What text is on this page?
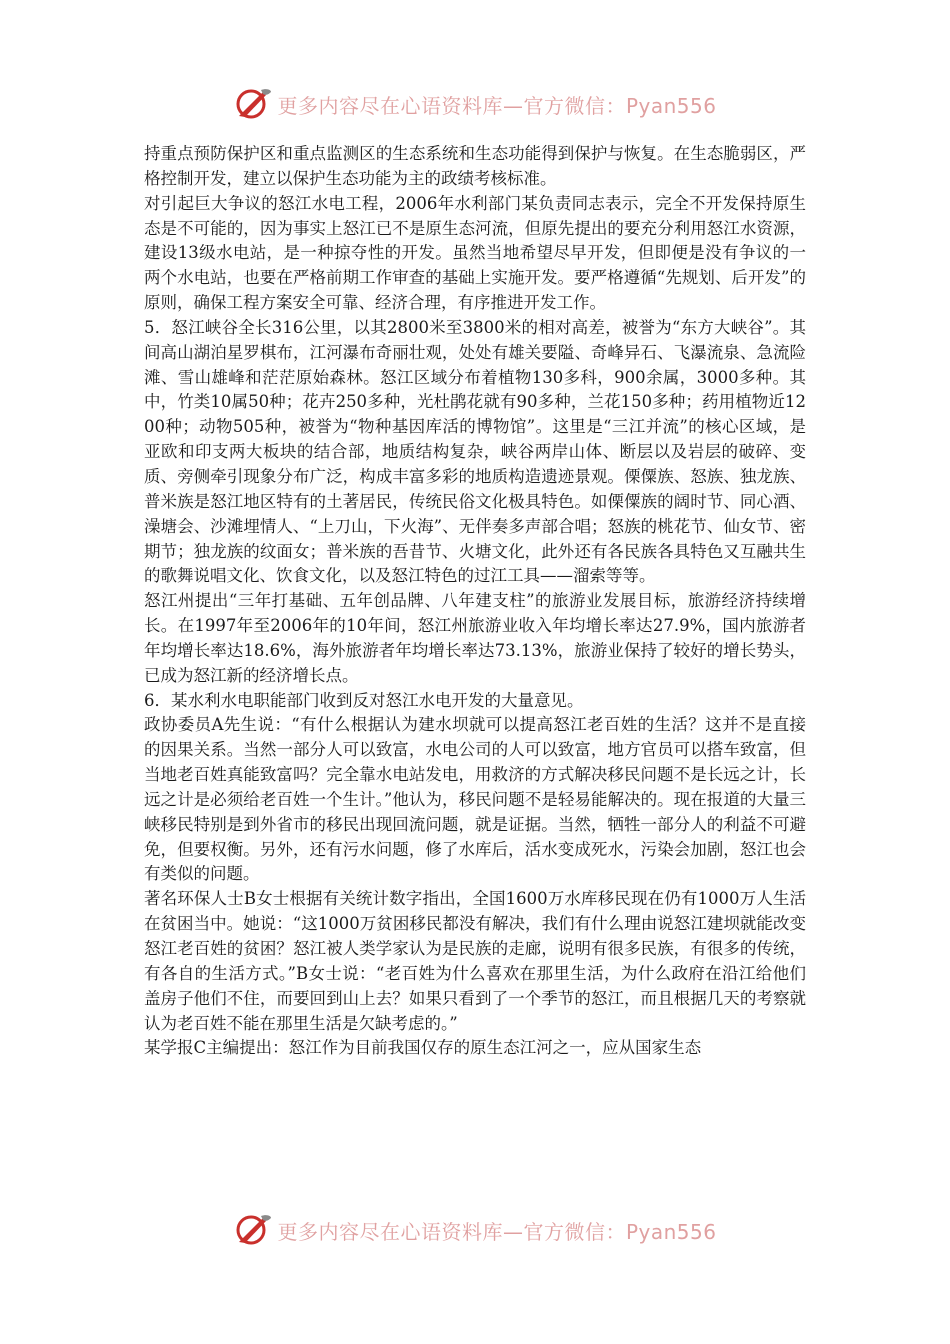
更多内容尽在心语资料库—官方微信：Pyan556

持重点预防保护区和重点监测区的生态系统和生态功能得到保护与恢复。在生态脆弱区，严格控制开发，建立以保护生态功能为主的政绩考核标准。

对引起巨大争议的怒江水电工程，2006年水利部门某负责同志表示，完全不开发保持原生态是不可能的，因为事实上怒江已不是原生态河流，但原先提出的要充分利用怒江水资源，建设13级水电站，是一种掠夺性的开发。虽然当地希望尽早开发，但即便是没有争议的一两个水电站，也要在严格前期工作审查的基础上实施开发。要严格遵循“先规划、后开发”的原则，确保工程方案安全可靠、经济合理，有序推进开发工作。

5．怒江峡谷全长316公里，以其2800米至3800米的相对高差，被誉为“东方大峡谷”。其间高山湖泊星罗棋布，江河瀑布奇丽壮观，处处有雄关要隘、奇峰异石、飞瀑流泉、急流险滩、雪山雄峰和茫茫原始森林。怒江区域分布着植物130多科，900余属，3000多种。其中，竹类10属50种；花卉250多种，光杜鹃花就有90多种，兰花150多种；药用植物近1200种；动物505种，被誉为“物种基因库活的博物馆”。这里是“三江并流”的核心区域，是亚欧和印支两大板块的结合部，地质结构复杂，峡谷两岸山体、断层以及岩层的破碎、变质、旁侧牵引现象分布广泛，构成丰富多彩的地质构造遗迹景观。傈僳族、怒族、独龙族、普米族是怒江地区特有的土著居民，传统民俗文化极具特色。如傈僳族的阔时节、同心酒、澡塘会、沙滩埋情人、“上刀山，下火海”、无伴奏多声部合唱；怒族的桃花节、仙女节、密期节；独龙族的纹面女；普米族的吾昔节、火塘文化，此外还有各民族各具特色又互融共生的歌舞说唱文化、饮食文化，以及怒江特色的过江工具——溜索等等。

怒江州提出“三年打基础、五年创品牌、八年建支柱”的旅游业发展目标，旅游经济持续增长。在1997年至2006年的10年间，怒江州旅游业收入年均增长率达27.9%，国内旅游者年均增长率达18.6%，海外旅游者年均增长率达73.13%，旅游业保持了较好的增长势头，已成为怒江新的经济增长点。

6．某水利水电职能部门收到反对怒江水电开发的大量意见。

政协委员A先生说：“有什么根据认为建水坝就可以提高怒江老百姓的生活？这并不是直接的因果关系。当然一部分人可以致富，水电公司的人可以致富，地方官员可以搭车致富，但当地老百姓真能致富吗？完全靠水电站发电，用救济的方式解决移民问题不是长远之计，长远之计是必须给老百姓一个生计。”他认为，移民问题不是轻易能解决的。现在报道的大量三峡移民特别是到外省市的移民出现回流问题，就是证据。当然，牺牲一部分人的利益不可避免，但要权衡。另外，还有污水问题，修了水库后，活水变成死水，污染会加剧，怒江也会有类似的问题。

著名环保人士B女士根据有关统计数字指出，全国1600万水库移民现在仍有1000万人生活在贫困当中。她说：“这1000万贫困移民都没有解决，我们有什么理由说怒江建坝就能改变怒江老百姓的贫困？怒江被人类学家认为是民族的走廊，说明有很多民族，有很多的传统，有各自的生活方式。”B女士说：“老百姓为什么喜欢在那里生活，为什么政府在沿江给他们盖房子他们不住，而要回到山上去？如果只看到了一个季节的怒江，而且根据几天的考察就认为老百姓不能在那里生活是欠缺考虑的。”

某学报C主编提出：怒江作为目前我国仅存的原生态江河之一，应从国家生态

更多内容尽在心语资料库—官方微信：Pyan556
